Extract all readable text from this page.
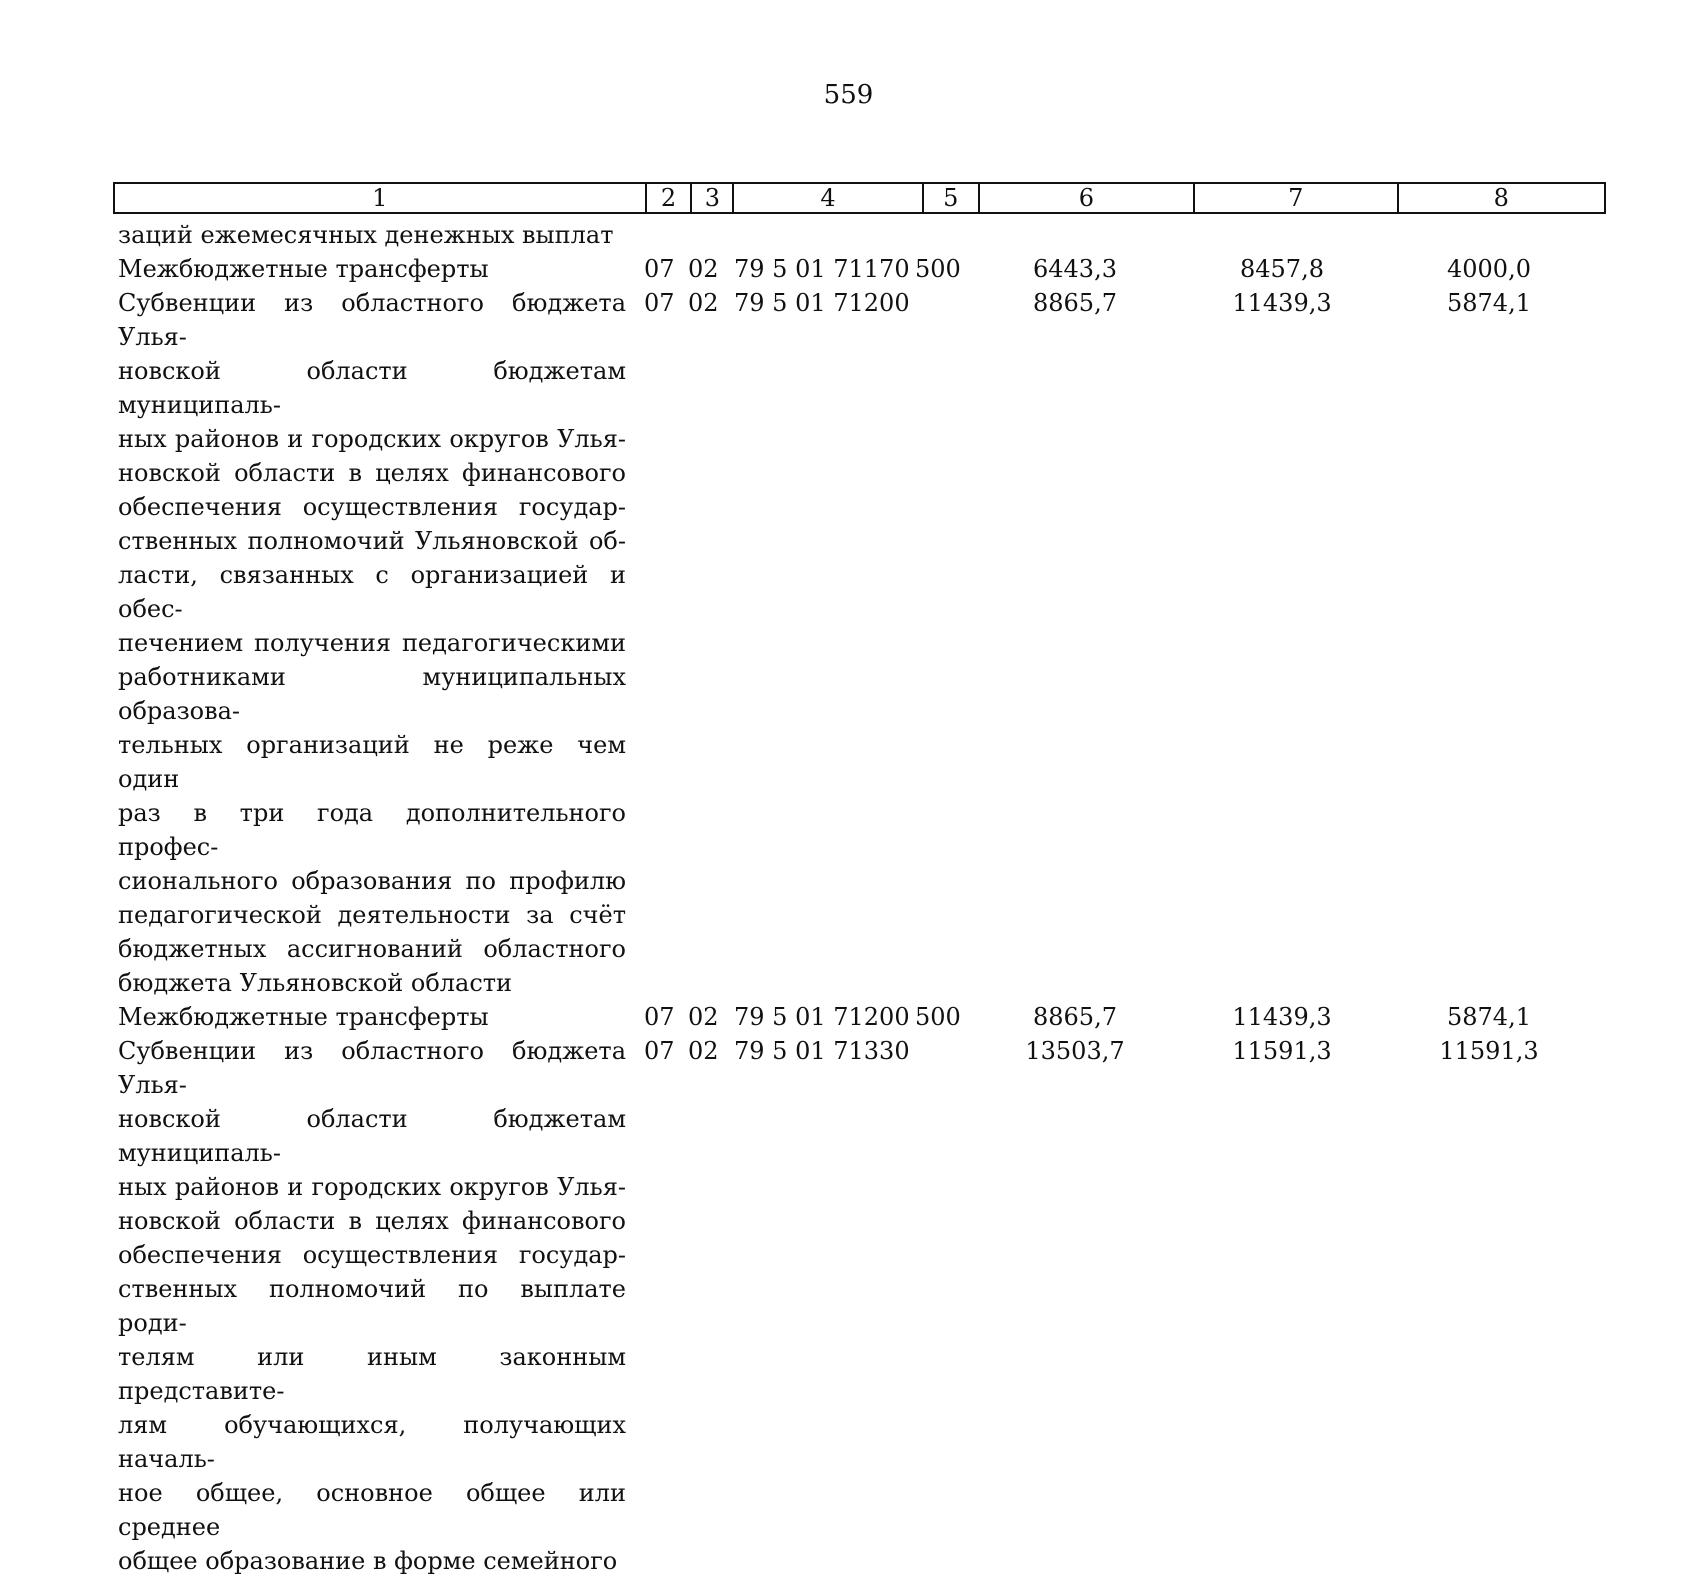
559
1	2	3	4	5	6	7	8
заций ежемесячных денежных выплат
Межбюджетные трансферты	07 02 79 5 01 71170 500	6443,3	8457,8	4000,0
Субвенции из областного бюджета Улья-
новской области бюджетам муниципаль-
ных районов и городских округов Улья-
новской области в целях финансового
обеспечения осуществления государ-
ственных полномочий Ульяновской об-
ласти, связанных с организацией и обес-
печением получения педагогическими
работниками муниципальных образова-
тельных организаций не реже чем один
раз в три года дополнительного профес-
сионального образования по профилю
педагогической деятельности за счёт
бюджетных ассигнований областного
бюджета Ульяновской области
07 02 79 5 01 71200	8865,7	11439,3	5874,1
Межбюджетные трансферты	07 02 79 5 01 71200 500	8865,7	11439,3	5874,1
Субвенции из областного бюджета Улья-
новской области бюджетам муниципаль-
ных районов и городских округов Улья-
новской области в целях финансового
обеспечения осуществления государ-
ственных полномочий по выплате роди-
телям или иным законным представите-
лям обучающихся, получающих началь-
ное общее, основное общее или среднее
общее образование в форме семейного
07 02 79 5 01 71330	13503,7	11591,3	11591,3
